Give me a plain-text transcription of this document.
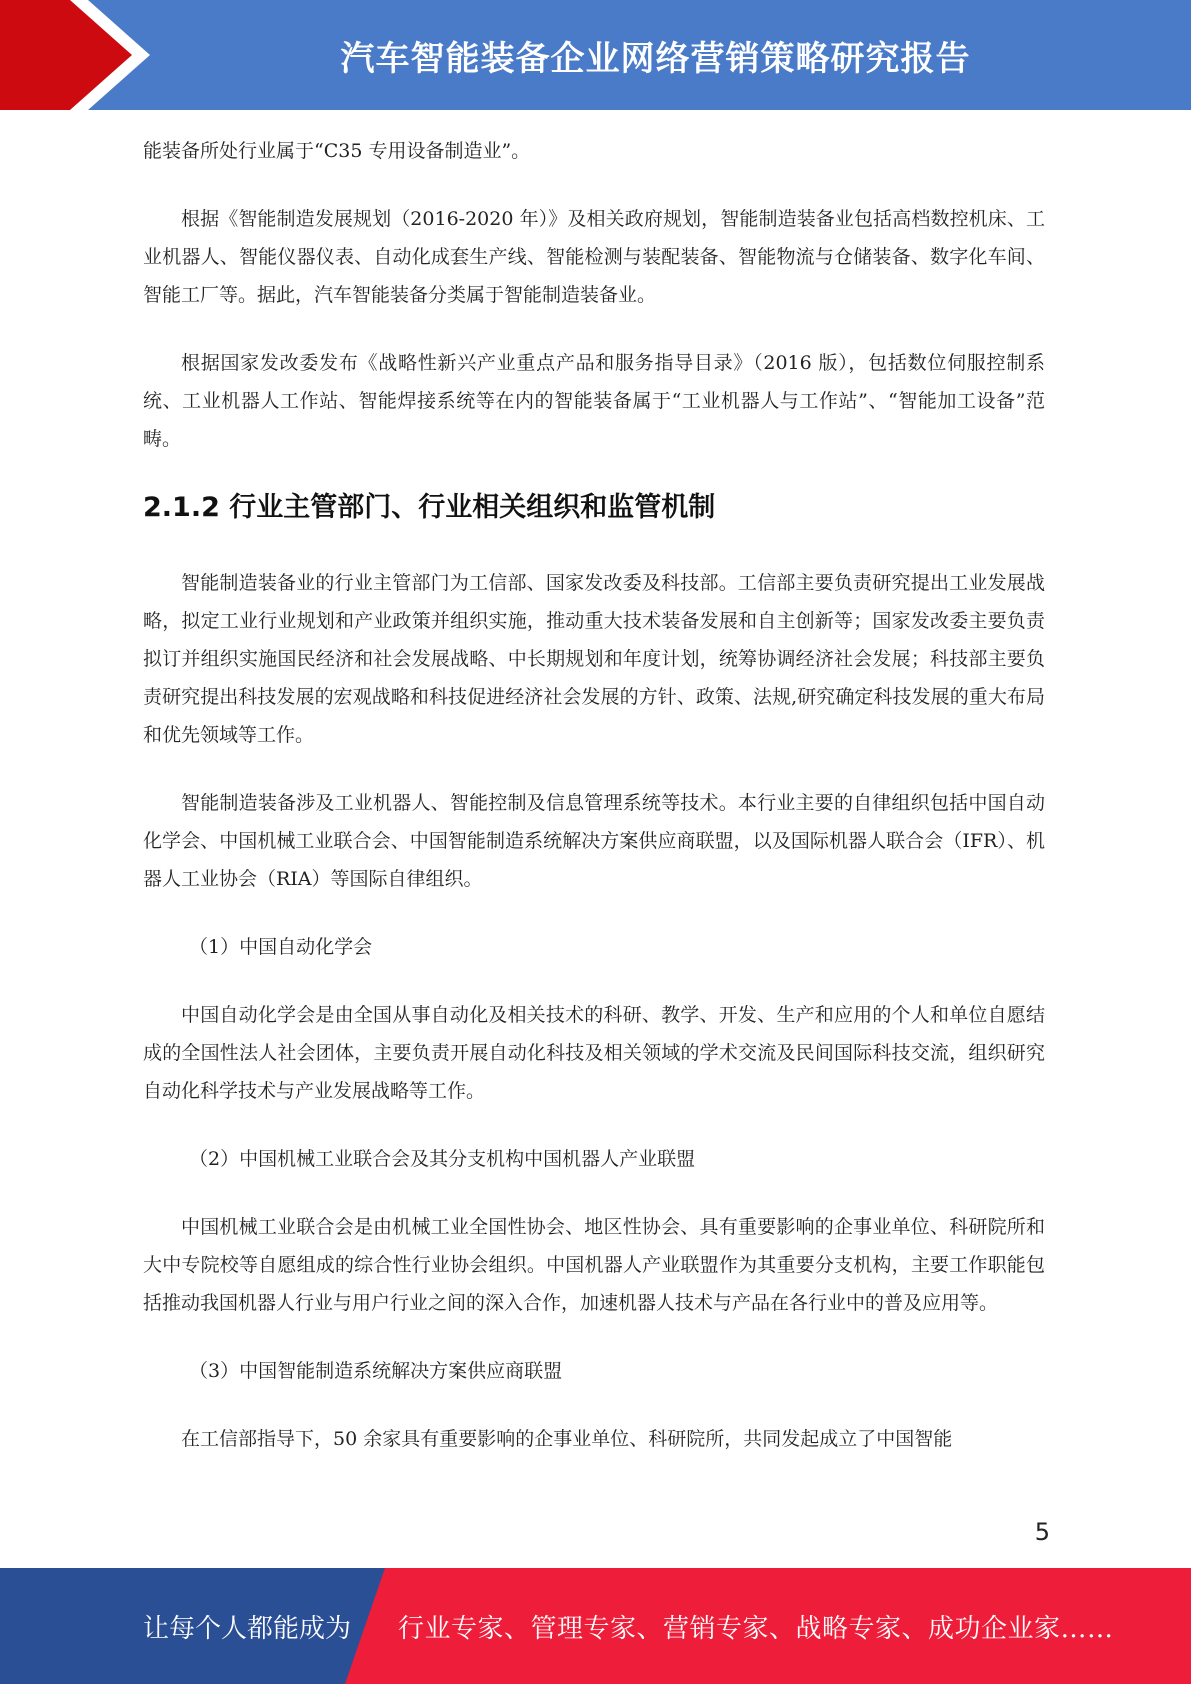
汽车智能装备企业网络营销策略研究报告

能装备所处行业属于“C35 专用设备制造业”。

根据《智能制造发展规划（2016-2020 年）》及相关政府规划，智能制造装备业包括高档数控机床、工业机器人、智能仪器仪表、自动化成套生产线、智能检测与装配装备、智能物流与仓储装备、数字化车间、智能工厂等。据此，汽车智能装备分类属于智能制造装备业。

根据国家发改委发布《战略性新兴产业重点产品和服务指导目录》（2016 版），包括数位伺服控制系统、工业机器人工作站、智能焊接系统等在内的智能装备属于“工业机器人与工作站”、“智能加工设备”范畴。

2.1.2 行业主管部门、行业相关组织和监管机制

智能制造装备业的行业主管部门为工信部、国家发改委及科技部。工信部主要负责研究提出工业发展战略，拟定工业行业规划和产业政策并组织实施，推动重大技术装备发展和自主创新等；国家发改委主要负责拟订并组织实施国民经济和社会发展战略、中长期规划和年度计划，统筹协调经济社会发展；科技部主要负责研究提出科技发展的宏观战略和科技促进经济社会发展的方针、政策、法规,研究确定科技发展的重大布局和优先领域等工作。

智能制造装备涉及工业机器人、智能控制及信息管理系统等技术。本行业主要的自律组织包括中国自动化学会、中国机械工业联合会、中国智能制造系统解决方案供应商联盟，以及国际机器人联合会（IFR）、机器人工业协会（RIA）等国际自律组织。

（1）中国自动化学会

中国自动化学会是由全国从事自动化及相关技术的科研、教学、开发、生产和应用的个人和单位自愿结成的全国性法人社会团体，主要负责开展自动化科技及相关领域的学术交流及民间国际科技交流，组织研究自动化科学技术与产业发展战略等工作。

（2）中国机械工业联合会及其分支机构中国机器人产业联盟

中国机械工业联合会是由机械工业全国性协会、地区性协会、具有重要影响的企事业单位、科研院所和大中专院校等自愿组成的综合性行业协会组织。中国机器人产业联盟作为其重要分支机构，主要工作职能包括推动我国机器人行业与用户行业之间的深入合作，加速机器人技术与产品在各行业中的普及应用等。

（3）中国智能制造系统解决方案供应商联盟

在工信部指导下，50 余家具有重要影响的企事业单位、科研院所，共同发起成立了中国智能

5
让每个人都能成为 行业专家、管理专家、营销专家、战略专家、成功企业家……
